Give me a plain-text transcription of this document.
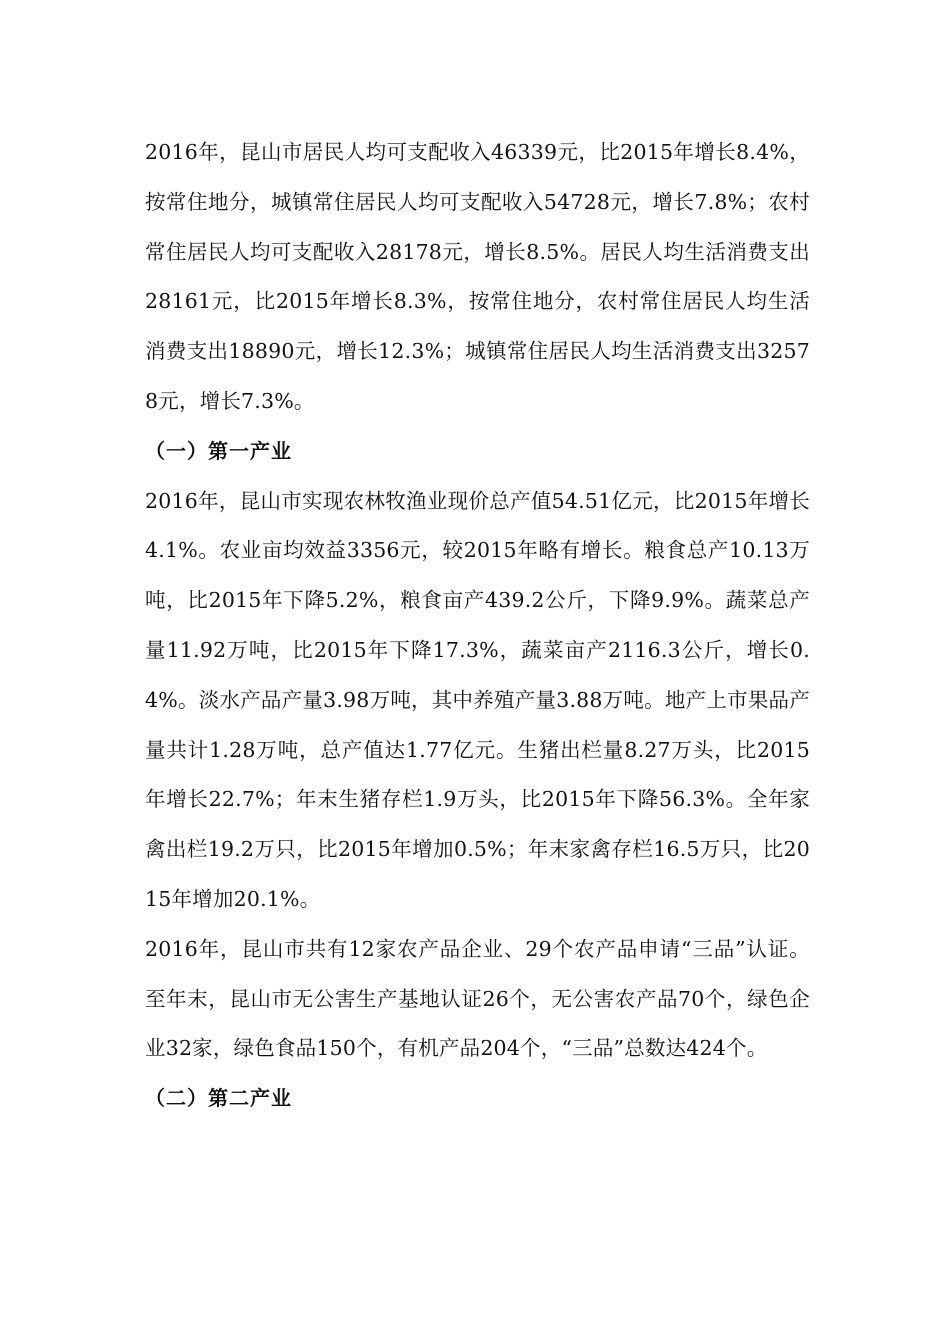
2016年，昆山市居民人均可支配收入46339元，比2015年增长8.4%，按常住地分，城镇常住居民人均可支配收入54728元，增长7.8%；农村常住居民人均可支配收入28178元，增长8.5%。居民人均生活消费支出28161元，比2015年增长8.3%，按常住地分，农村常住居民人均生活消费支出18890元，增长12.3%；城镇常住居民人均生活消费支出32578元，增长7.3%。

（一）第一产业

2016年，昆山市实现农林牧渔业现价总产值54.51亿元，比2015年增长4.1%。农业亩均效益3356元，较2015年略有增长。粮食总产10.13万吨，比2015年下降5.2%，粮食亩产439.2公斤，下降9.9%。蔬菜总产量11.92万吨，比2015年下降17.3%，蔬菜亩产2116.3公斤，增长0.4%。淡水产品产量3.98万吨，其中养殖产量3.88万吨。地产上市果品产量共计1.28万吨，总产值达1.77亿元。生猪出栏量8.27万头，比2015年增长22.7%；年末生猪存栏1.9万头，比2015年下降56.3%。全年家禽出栏19.2万只，比2015年增加0.5%；年末家禽存栏16.5万只，比2015年增加20.1%。

2016年，昆山市共有12家农产品企业、29个农产品申请“三品”认证。至年末，昆山市无公害生产基地认证26个，无公害农产品70个，绿色企业32家，绿色食品150个，有机产品204个，“三品”总数达424个。

（二）第二产业
